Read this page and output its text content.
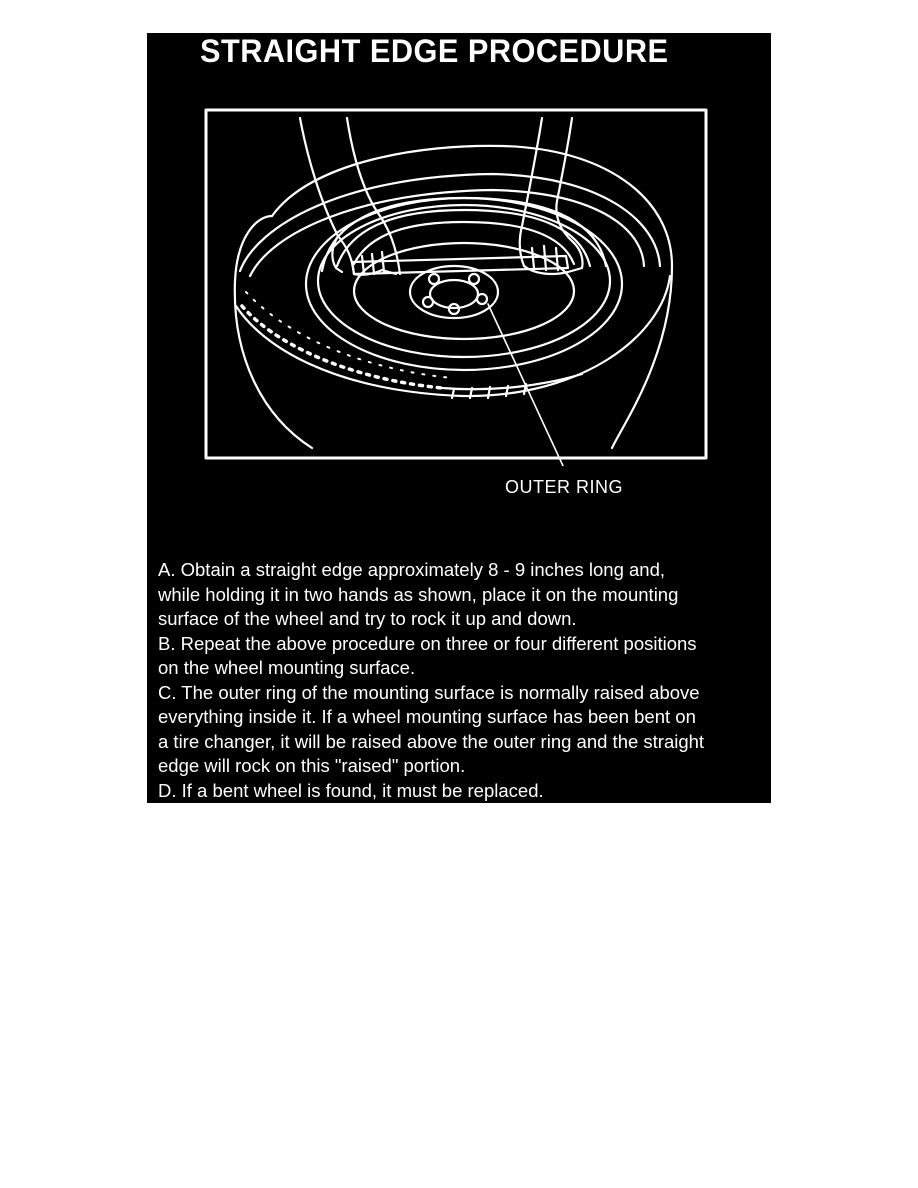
STRAIGHT EDGE PROCEDURE
OUTER RING
A. Obtain a straight edge approximately 8 - 9 inches long and,
while holding it in two hands as shown, place it on the mounting
surface of the wheel and try to rock it up and down.
B. Repeat the above procedure on three or four different positions
on the wheel mounting surface.
C. The outer ring of the mounting surface is normally raised above
everything inside it. If a wheel mounting surface has been bent on
a tire changer, it will be raised above the outer ring and the straight
edge will rock on this "raised" portion.
D. If a bent wheel is found, it must be replaced.
